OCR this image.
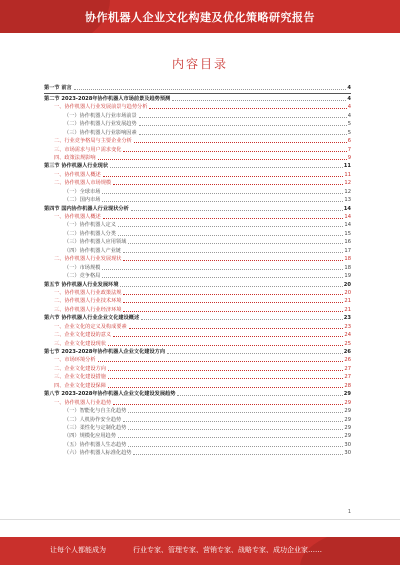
协作机器人企业文化构建及优化策略研究报告
内容目录
第一节 前言	4
第二节 2023-2028年协作机器人市场前景及趋势预测	4
一、协作机器人行业发展前景与趋势分析	4
（一）协作机器人行业市场前景	4
（二）协作机器人行业发展趋势	5
（三）协作机器人行业影响因素	5
二、行业竞争格局与主要企业分析	6
三、市场需求与用户需求变化	7
四、政策法规影响	9
第三节 协作机器人行业现状	11
一、协作机器人概述	11
二、协作机器人市场规模	12
（一）全球市场	12
（二）国内市场	13
第四节 国内协作机器人行业现状分析	14
一、协作机器人概述	14
（一）协作机器人定义	14
（二）协作机器人分类	15
（三）协作机器人应用领域	16
（四）协作机器人产业链	17
二、协作机器人行业发展现状	18
（一）市场规模	18
（二）竞争格局	19
第五节 协作机器人行业发展环境	20
一、协作机器人行业政策法规	20
二、协作机器人行业技术环境	21
三、协作机器人行业经济环境	21
第六节 协作机器人行业企业文化建设概述	23
一、企业文化的定义及构成要素	23
二、企业文化建设的意义	24
三、企业文化建设现状	25
第七节 2023-2028年协作机器人企业文化建设方向	26
一、市场环境分析	26
二、企业文化建设方向	27
三、企业文化建设措施	27
四、企业文化建设保障	28
第八节 2023-2028年协作机器人企业文化建设发展趋势	29
一、协作机器人行业趋势	29
（一）智能化与自主化趋势	29
（二）人机协作安全趋势	29
（三）柔性化与定制化趋势	29
（四）规模化应用趋势	29
（五）协作机器人生态趋势	30
（六）协作机器人标准化趋势	30
1
让每个人都能成为	行业专家、管理专家、营销专家、战略专家、成功企业家……
